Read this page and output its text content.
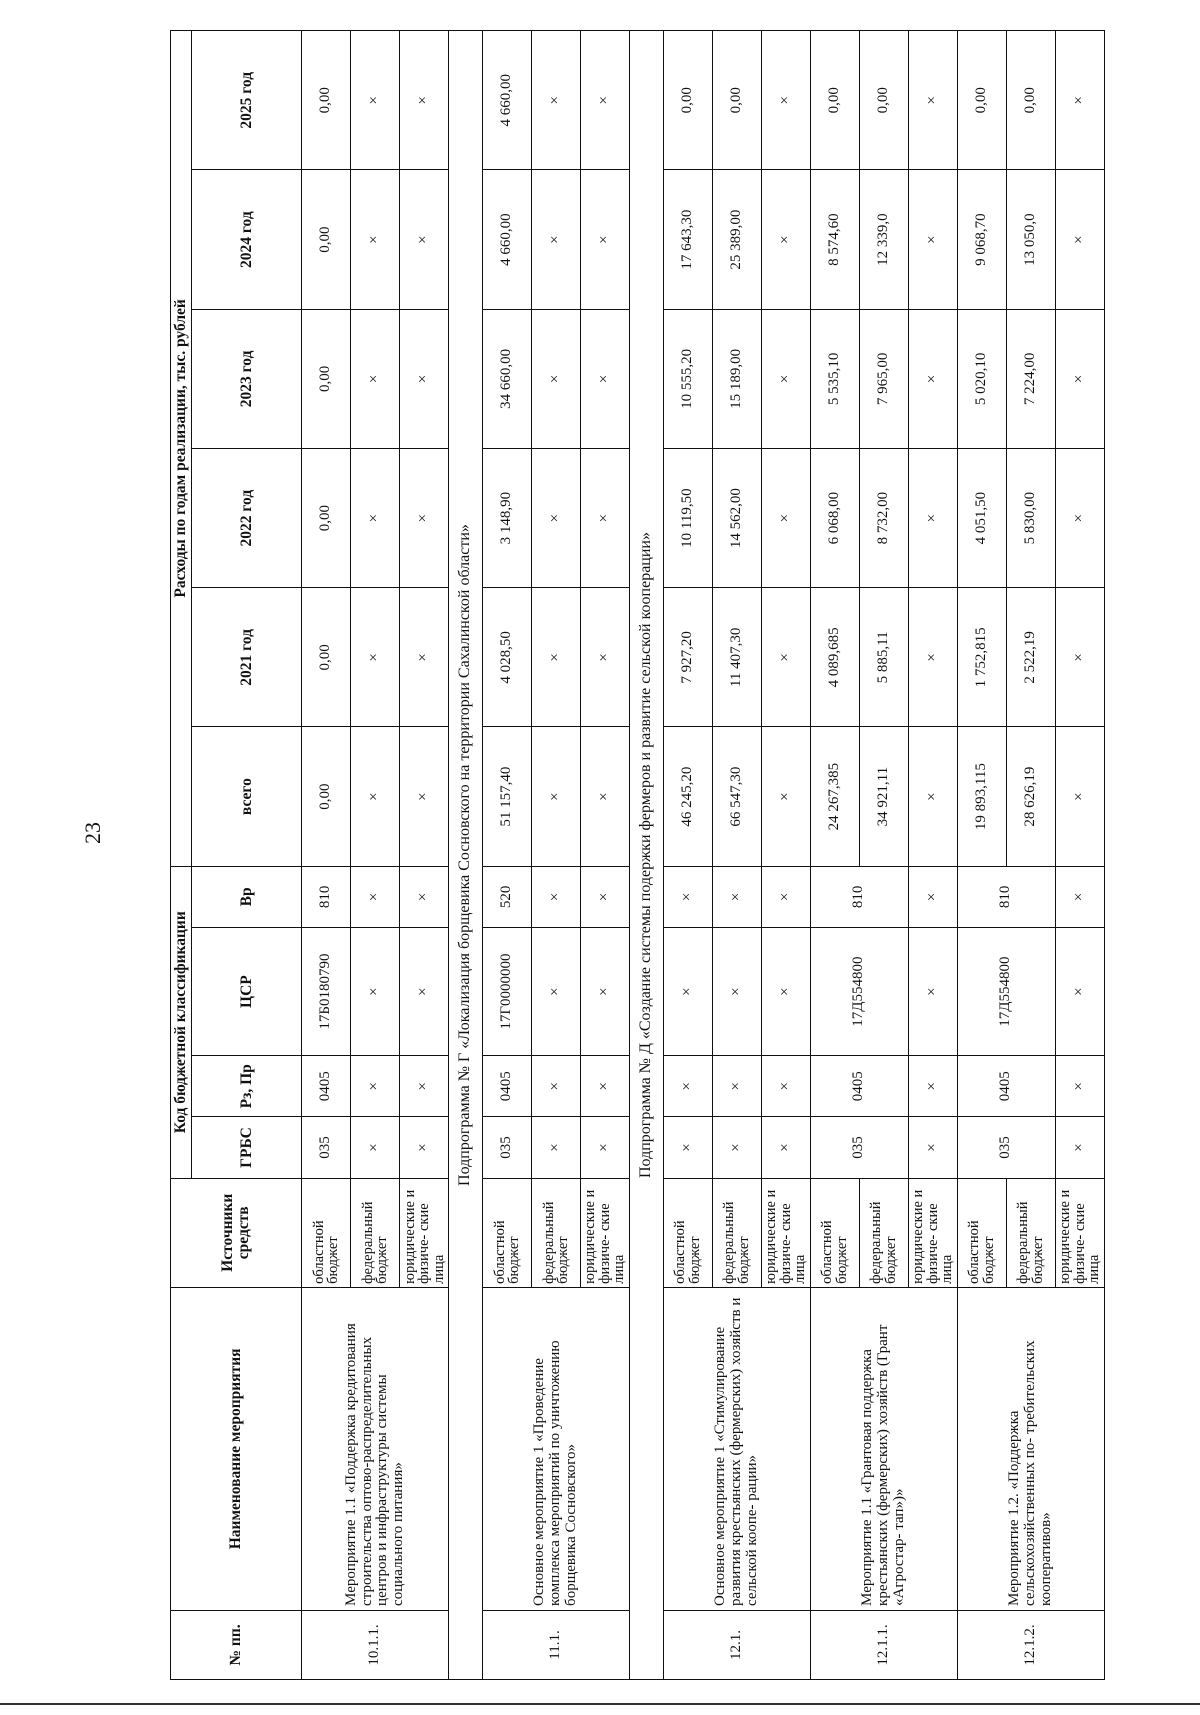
23
№ пп.	Наименование мероприятия	Источники средств	Код бюджетной классификации				Расходы по годам реализации, тыс. рублей					
			ГРБС	Рз, Пр	ЦСР	Вр	всего	2021 год	2022 год	2023 год	2024 год	2025 год
10.1.1.	Мероприятие 1.1 «Поддержка кредитования строительства оптово-распределительных центров и инфраструктуры системы социального питания»	областной бюджет	035	0405	17Б0180790	810	0,00	0,00	0,00	0,00	0,00	0,00
		федеральный бюджет	×	×	×	×	×	×	×	×	×	×
		юридические и физиче- ские лица	×	×	×	×	×	×	×	×	×	×
Подпрограмма № Г «Локализация борщевика Сосновского на территории Сахалинской области»												
11.1.	Основное мероприятие 1 «Проведение комплекса мероприятий по уничтожению борщевика Сосновского»	областной бюджет	035	0405	17Г0000000	520	51 157,40	4 028,50	3 148,90	34 660,00	4 660,00	4 660,00
		федеральный бюджет	×	×	×	×	×	×	×	×	×	×
		юридические и физиче- ские лица	×	×	×	×	×	×	×	×	×	×
Подпрограмма № Д «Создание системы подержки фермеров и развитие сельской кооперации»												
12.1.	Основное мероприятие 1 «Стимулирование развития крестьянских (фермерских) хозяйств и сельской коопе- рации»	областной бюджет	×	×	×	×	46 245,20	7 927,20	10 119,50	10 555,20	17 643,30	0,00
		федеральный бюджет	×	×	×	×	66 547,30	11 407,30	14 562,00	15 189,00	25 389,00	0,00
		юридические и физиче- ские лица	×	×	×	×	×	×	×	×	×	×
12.1.1.	Мероприятие 1.1 «Грантовая поддержка крестьянских (фермерских) хозяйств (Грант «Агростар- тап»)»	областной бюджет	035	0405	17Д554800	810	24 267,385	4 089,685	6 068,00	5 535,10	8 574,60	0,00
		федеральный бюджет					34 921,11	5 885,11	8 732,00	7 965,00	12 339,0	0,00
		юридические и физиче- ские лица	×	×	×	×	×	×	×	×	×	×
12.1.2.	Мероприятие 1.2. «Поддержка сельскохозяйственных по- требительских кооперативов»	областной бюджет	035	0405	17Д554800	810	19 893,115	1 752,815	4 051,50	5 020,10	9 068,70	0,00
		федеральный бюджет					28 626,19	2 522,19	5 830,00	7 224,00	13 050,0	0,00
		юридические и физиче- ские лица	×	×	×	×	×	×	×	×	×	×
